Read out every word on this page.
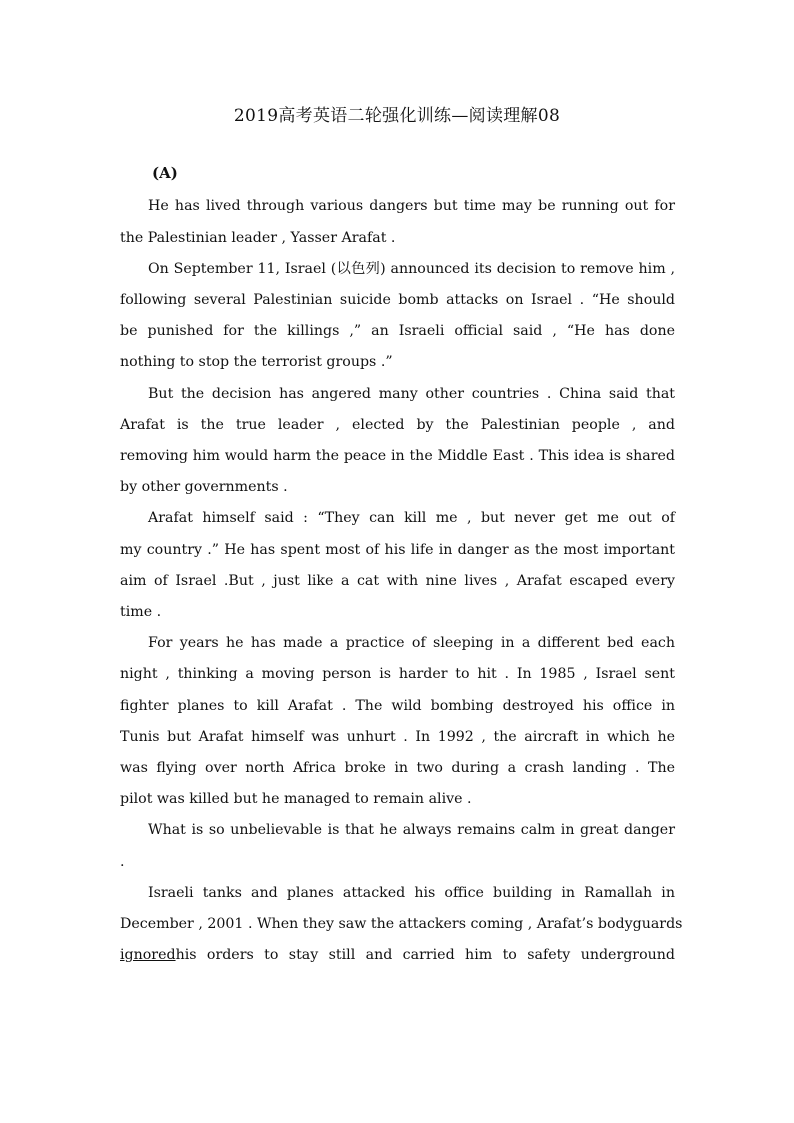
2019高考英语二轮强化训练—阅读理解08
(A)
He has lived through various dangers but time may be running out for
the Palestinian leader , Yasser Arafat .
On September 11, Israel (以色列) announced its decision to remove him ,
following several Palestinian suicide bomb attacks on Israel . “He should
be punished for the killings ,” an Israeli official said , “He has done
nothing to stop the terrorist groups .”
But the decision has angered many other countries . China said that
Arafat is the true leader , elected by the Palestinian people , and
removing him would harm the peace in the Middle East . This idea is shared
by other governments .
Arafat himself said : “They can kill me , but never get me out of
my country .” He has spent most of his life in danger as the most important
aim of Israel .But , just like a cat with nine lives , Arafat escaped every
time .
For years he has made a practice of sleeping in a different bed each
night , thinking a moving person is harder to hit . In 1985 , Israel sent
fighter planes to kill Arafat . The wild bombing destroyed his office in
Tunis but Arafat himself was unhurt . In 1992 , the aircraft in which he
was flying over north Africa broke in two during a crash landing . The
pilot was killed but he managed to remain alive .
What is so unbelievable is that he always remains calm in great danger
.
Israeli tanks and planes attacked his office building in Ramallah in
December , 2001 . When they saw the attackers coming , Arafat’s bodyguards
ignored his orders to stay still and carried him to safety underground
